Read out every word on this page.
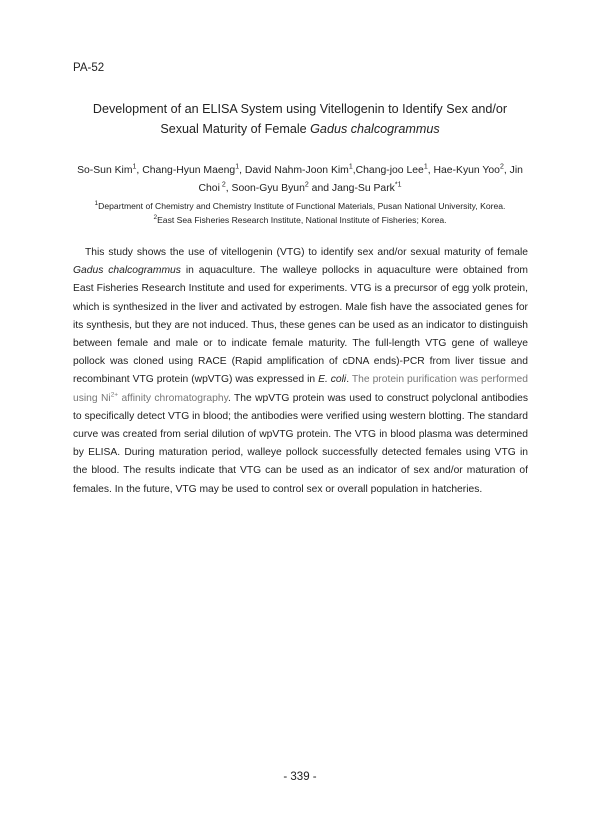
PA-52
Development of an ELISA System using Vitellogenin to Identify Sex and/or
Sexual Maturity of Female Gadus chalcogrammus
So-Sun Kim$^1$, Chang-Hyun Maeng$^1$, David Nahm-Joon Kim$^1$,Chang-joo Lee$^1$, Hae-Kyun Yoo$^2$, Jin Choi $^2$, Soon-Gyu Byun$^2$ and Jang-Su Park$^{*1}$
$^1$Department of Chemistry and Chemistry Institute of Functional Materials, Pusan National University, Korea.
$^2$East Sea Fisheries Research Institute, National Institute of Fisheries; Korea.
This study shows the use of vitellogenin (VTG) to identify sex and/or sexual maturity of female Gadus chalcogrammus in aquaculture. The walleye pollocks in aquaculture were obtained from East Fisheries Research Institute and used for experiments. VTG is a precursor of egg yolk protein, which is synthesized in the liver and activated by estrogen. Male fish have the associated genes for its synthesis, but they are not induced. Thus, these genes can be used as an indicator to distinguish between female and male or to indicate female maturity. The full-length VTG gene of walleye pollock was cloned using RACE (Rapid amplification of cDNA ends)-PCR from liver tissue and recombinant VTG protein (wpVTG) was expressed in E. coli. The protein purification was performed using $Ni^{2+}$ affinity chromatography. The wpVTG protein was used to construct polyclonal antibodies to specifically detect VTG in blood; the antibodies were verified using western blotting. The standard curve was created from serial dilution of wpVTG protein. The VTG in blood plasma was determined by ELISA. During maturation period, walleye pollock successfully detected females using VTG in the blood. The results indicate that VTG can be used as an indicator of sex and/or maturation of females. In the future, VTG may be used to control sex or overall population in hatcheries.
- 339 -
